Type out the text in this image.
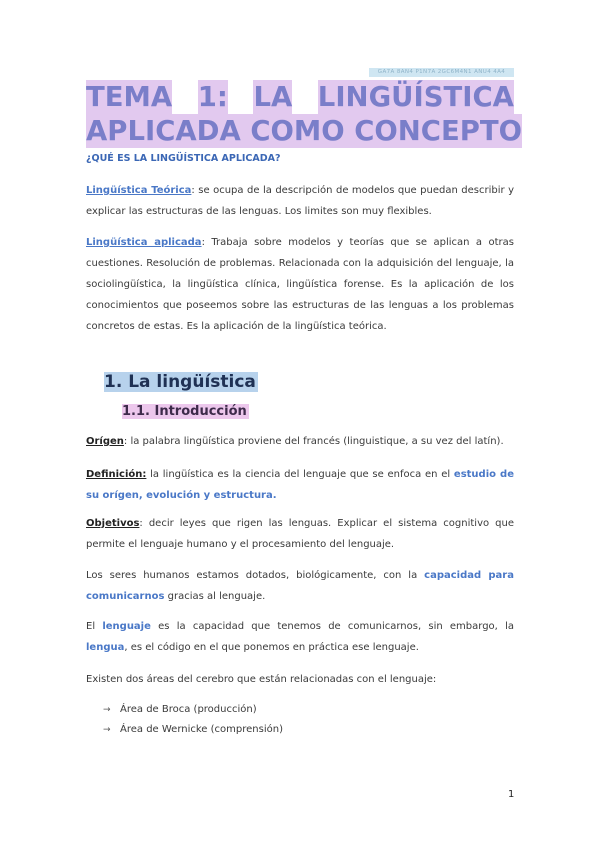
GA7A 8AN4 P1N7A 2GC6M4N1 ANU4 4A4
TEMA 1: LA LINGÜÍSTICA
APLICADA COMO CONCEPTO
¿QUÉ ES LA LINGÜÍSTICA APLICADA?

Lingüística Teórica: se ocupa de la descripción de modelos que puedan describir y explicar las estructuras de las lenguas. Los limites son muy flexibles.

Lingüística aplicada: Trabaja sobre modelos y teorías que se aplican a otras cuestiones. Resolución de problemas. Relacionada con la adquisición del lenguaje, la sociolingüística, la lingüística clínica, lingüística forense. Es la aplicación de los conocimientos que poseemos sobre las estructuras de las lenguas a los problemas concretos de estas. Es la aplicación de la lingüística teórica.

1. La lingüística
1.1. Introducción

Orígen: la palabra lingüística proviene del francés (linguistique, a su vez del latín).

Definición: la lingüística es la ciencia del lenguaje que se enfoca en el estudio de su orígen, evolución y estructura.

Objetivos: decir leyes que rigen las lenguas. Explicar el sistema cognitivo que permite el lenguaje humano y el procesamiento del lenguaje.

Los seres humanos estamos dotados, biológicamente, con la capacidad para comunicarnos gracias al lenguaje.

El lenguaje es la capacidad que tenemos de comunicarnos, sin embargo, la lengua, es el código en el que ponemos en práctica ese lenguaje.

Existen dos áreas del cerebro que están relacionadas con el lenguaje:

→ Área de Broca (producción)
→ Área de Wernicke (comprensión)
1
